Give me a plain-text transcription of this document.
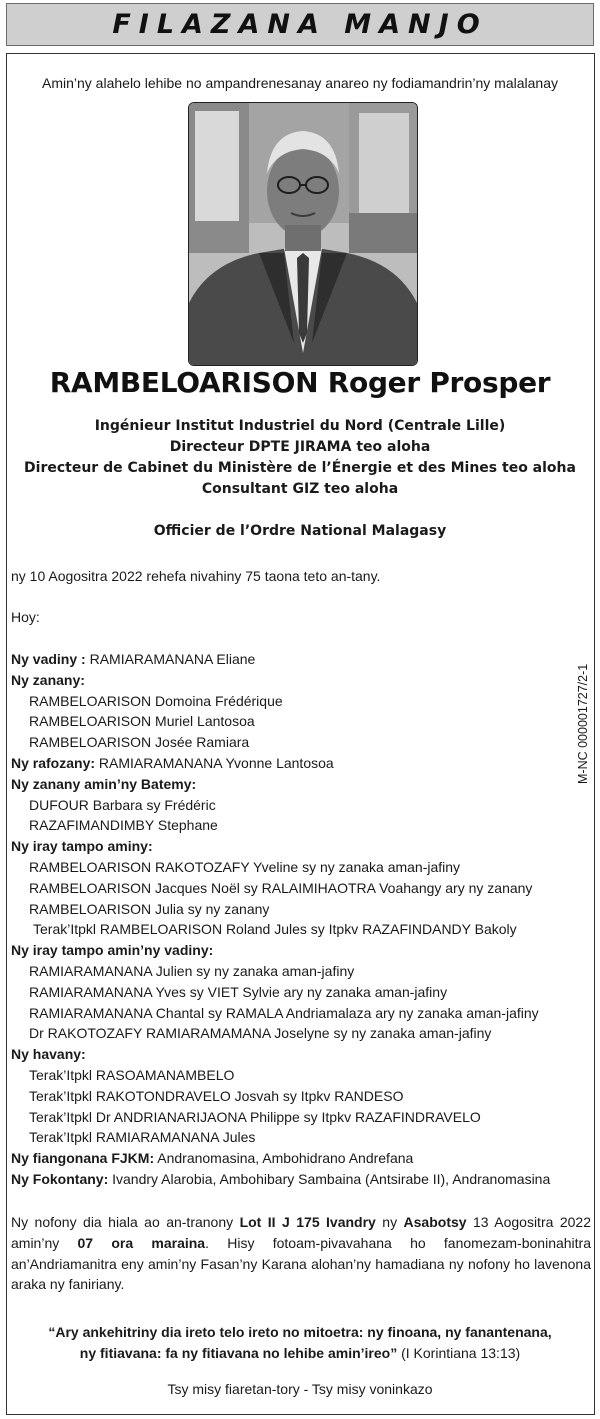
FILAZANA MANJO
Amin’ny alahelo lehibe no ampandrenesanay anareo ny fodiamandrin’ny malalanay
RAMBELOARISON Roger Prosper
Ingénieur Institut Industriel du Nord (Centrale Lille)
Directeur DPTE JIRAMA teo aloha
Directeur de Cabinet du Ministère de l’Énergie et des Mines teo aloha
Consultant GIZ teo aloha
Officier de l’Ordre National Malagasy
ny 10 Aogositra 2022 rehefa nivahiny 75 taona teto an-tany.
Hoy:
M-NC 000001727/2-1
Ny vadiny : RAMIARAMANANA Eliane
Ny zanany:
RAMBELOARISON Domoina Frédérique
RAMBELOARISON Muriel Lantosoa
RAMBELOARISON Josée Ramiara
Ny rafozany: RAMIARAMANANA Yvonne Lantosoa
Ny zanany amin’ny Batemy:
DUFOUR Barbara sy Frédéric
RAZAFIMANDIMBY Stephane
Ny iray tampo aminy:
RAMBELOARISON RAKOTOZAFY Yveline sy ny zanaka aman-jafiny
RAMBELOARISON Jacques Noël sy RALAIMIHAOTRA Voahangy ary ny zanany
RAMBELOARISON Julia sy ny zanany
Terak’Itpkl RAMBELOARISON Roland Jules sy Itpkv RAZAFINDANDY Bakoly
Ny iray tampo amin’ny vadiny:
RAMIARAMANANA Julien sy ny zanaka aman-jafiny
RAMIARAMANANA Yves sy VIET Sylvie ary ny zanaka aman-jafiny
RAMIARAMANANA Chantal sy RAMALA Andriamalaza ary ny zanaka aman-jafiny
Dr RAKOTOZAFY RAMIARAMAMANA Joselyne sy ny zanaka aman-jafiny
Ny havany:
Terak’Itpkl RASOAMANAMBELO
Terak’Itpkl RAKOTONDRAVELO Josvah sy Itpkv RANDESO
Terak’Itpkl Dr ANDRIANARIJAONA Philippe sy Itpkv RAZAFINDRAVELO
Terak’Itpkl RAMIARAMANANA Jules
Ny fiangonana FJKM: Andranomasina, Ambohidrano Andrefana
Ny Fokontany: Ivandry Alarobia, Ambohibary Sambaina (Antsirabe II), Andranomasina
Ny nofony dia hiala ao an-tranony Lot II J 175 Ivandry ny Asabotsy 13 Aogositra 2022 amin’ny 07 ora maraina. Hisy fotoam-pivavahana ho fanomezam-boninahitra an’Andriamanitra eny amin’ny Fasan’ny Karana alohan’ny hamadiana ny nofony ho lavenona araka ny faniriany.
“Ary ankehitriny dia ireto telo ireto no mitoetra: ny finoana, ny fanantenana,
ny fitiavana: fa ny fitiavana no lehibe amin’ireo” (I Korintiana 13:13)
Tsy misy fiaretan-tory - Tsy misy voninkazo
